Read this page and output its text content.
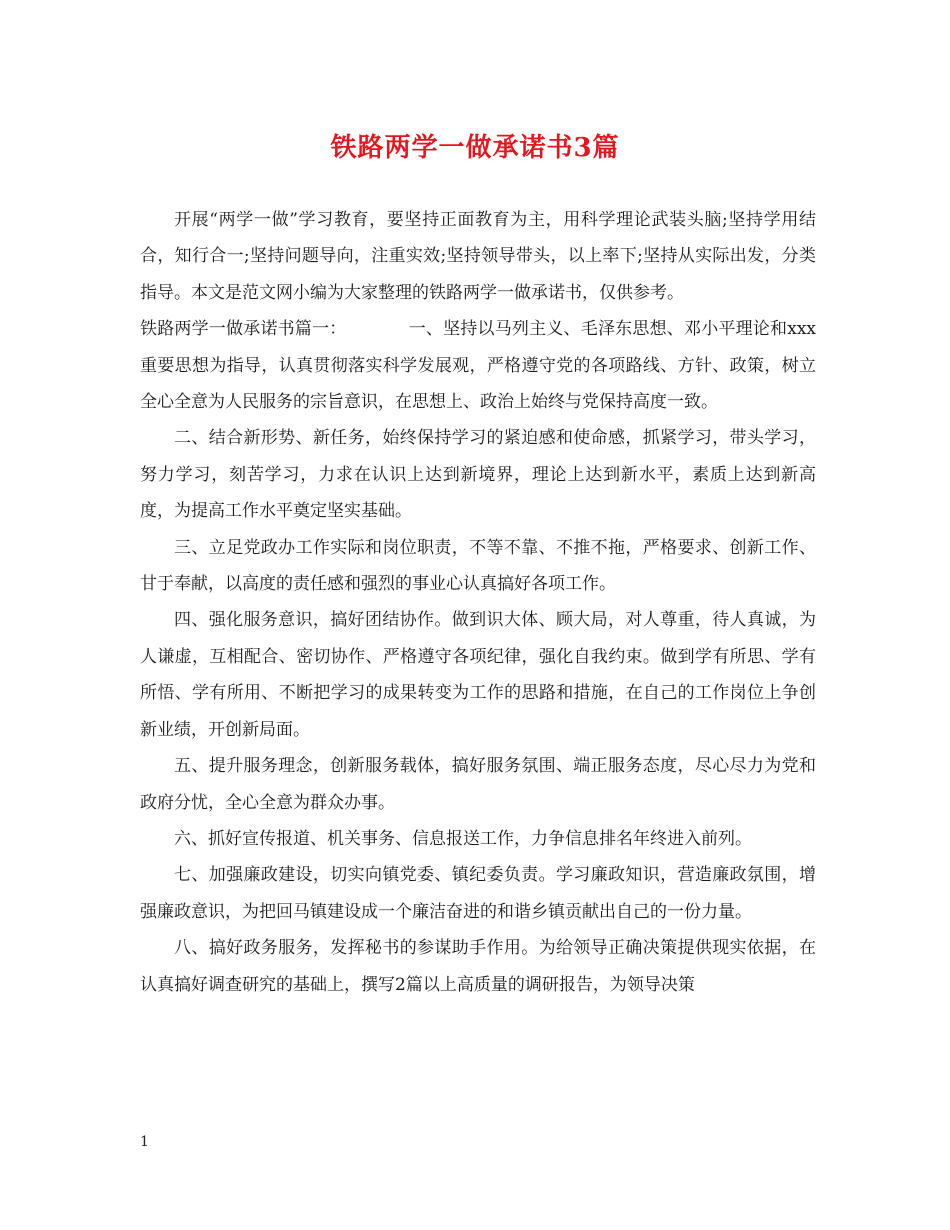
铁路两学一做承诺书3篇

开展“两学一做”学习教育，要坚持正面教育为主，用科学理论武装头脑;坚持学用结合，知行合一;坚持问题导向，注重实效;坚持领导带头，以上率下;坚持从实际出发，分类指导。本文是范文网小编为大家整理的铁路两学一做承诺书，仅供参考。

铁路两学一做承诺书篇一：	一、坚持以马列主义、毛泽东思想、邓小平理论和xxx重要思想为指导，认真贯彻落实科学发展观，严格遵守党的各项路线、方针、政策，树立全心全意为人民服务的宗旨意识，在思想上、政治上始终与党保持高度一致。

二、结合新形势、新任务，始终保持学习的紧迫感和使命感，抓紧学习，带头学习，努力学习，刻苦学习，力求在认识上达到新境界，理论上达到新水平，素质上达到新高度，为提高工作水平奠定坚实基础。

三、立足党政办工作实际和岗位职责，不等不靠、不推不拖，严格要求、创新工作、甘于奉献，以高度的责任感和强烈的事业心认真搞好各项工作。

四、强化服务意识，搞好团结协作。做到识大体、顾大局，对人尊重，待人真诚，为人谦虚，互相配合、密切协作、严格遵守各项纪律，强化自我约束。做到学有所思、学有所悟、学有所用、不断把学习的成果转变为工作的思路和措施，在自己的工作岗位上争创新业绩，开创新局面。

五、提升服务理念，创新服务载体，搞好服务氛围、端正服务态度，尽心尽力为党和政府分忧，全心全意为群众办事。

六、抓好宣传报道、机关事务、信息报送工作，力争信息排名年终进入前列。

七、加强廉政建设，切实向镇党委、镇纪委负责。学习廉政知识，营造廉政氛围，增强廉政意识，为把回马镇建设成一个廉洁奋进的和谐乡镇贡献出自己的一份力量。

八、搞好政务服务，发挥秘书的参谋助手作用。为给领导正确决策提供现实依据，在认真搞好调查研究的基础上，撰写2篇以上高质量的调研报告，为领导决策

1
